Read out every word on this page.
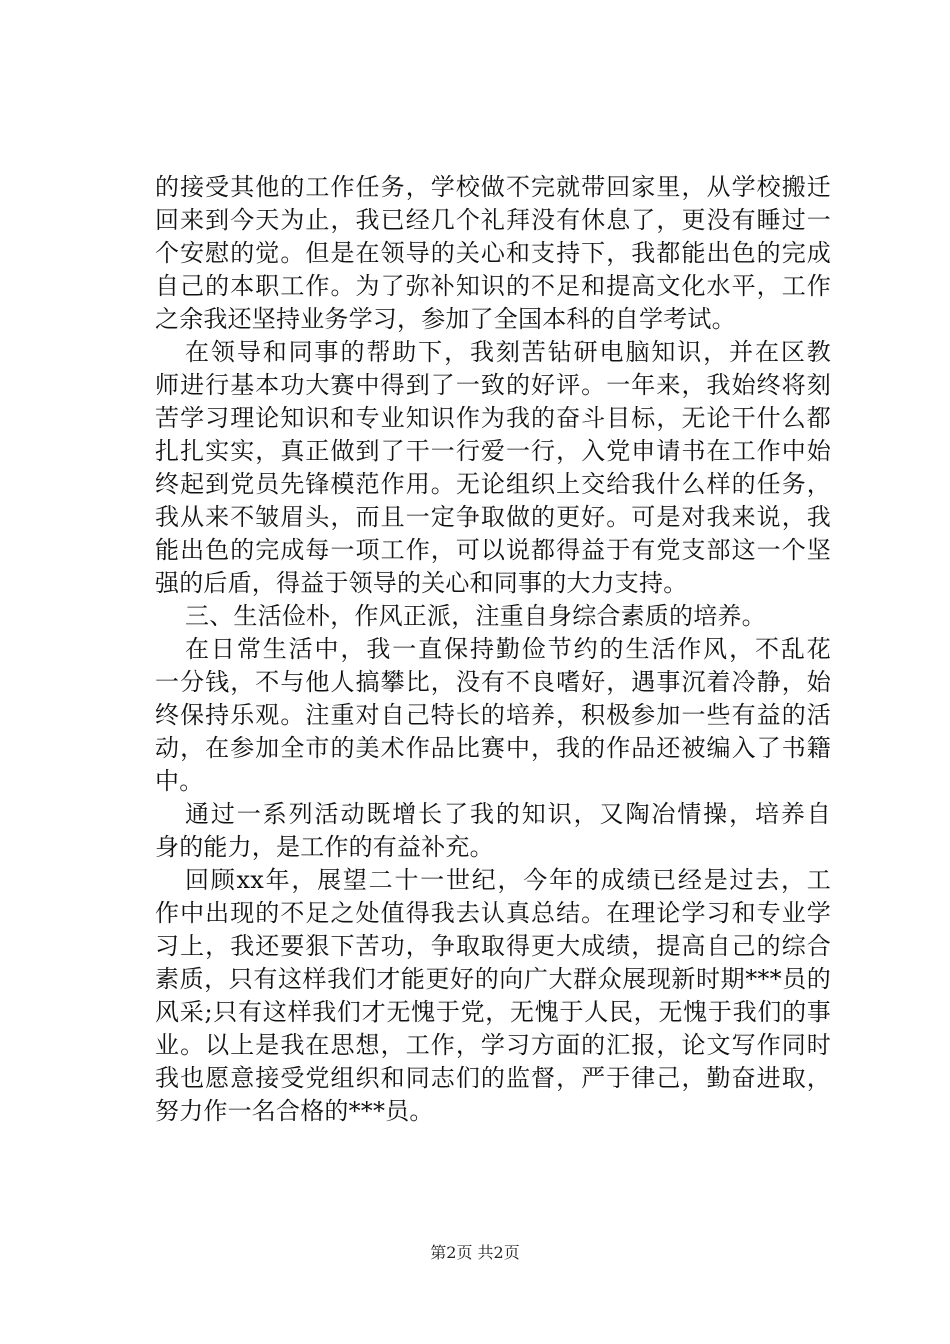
的接受其他的工作任务，学校做不完就带回家里，从学校搬迁
回来到今天为止，我已经几个礼拜没有休息了，更没有睡过一
个安慰的觉。但是在领导的关心和支持下，我都能出色的完成
自己的本职工作。为了弥补知识的不足和提高文化水平，工作
之余我还坚持业务学习，参加了全国本科的自学考试。
在领导和同事的帮助下，我刻苦钻研电脑知识，并在区教
师进行基本功大赛中得到了一致的好评。一年来，我始终将刻
苦学习理论知识和专业知识作为我的奋斗目标，无论干什么都
扎扎实实，真正做到了干一行爱一行，入党申请书在工作中始
终起到党员先锋模范作用。无论组织上交给我什么样的任务，
我从来不皱眉头，而且一定争取做的更好。可是对我来说，我
能出色的完成每一项工作，可以说都得益于有党支部这一个坚
强的后盾，得益于领导的关心和同事的大力支持。
三、生活俭朴，作风正派，注重自身综合素质的培养。
在日常生活中，我一直保持勤俭节约的生活作风，不乱花
一分钱，不与他人搞攀比，没有不良嗜好，遇事沉着冷静，始
终保持乐观。注重对自己特长的培养，积极参加一些有益的活
动，在参加全市的美术作品比赛中，我的作品还被编入了书籍
中。
通过一系列活动既增长了我的知识，又陶冶情操，培养自
身的能力，是工作的有益补充。
回顾xx年，展望二十一世纪，今年的成绩已经是过去，工
作中出现的不足之处值得我去认真总结。在理论学习和专业学
习上，我还要狠下苦功，争取取得更大成绩，提高自己的综合
素质，只有这样我们才能更好的向广大群众展现新时期***员的
风采;只有这样我们才无愧于党，无愧于人民，无愧于我们的事
业。以上是我在思想，工作，学习方面的汇报，论文写作同时
我也愿意接受党组织和同志们的监督，严于律己，勤奋进取，
努力作一名合格的***员。
第2页 共2页
